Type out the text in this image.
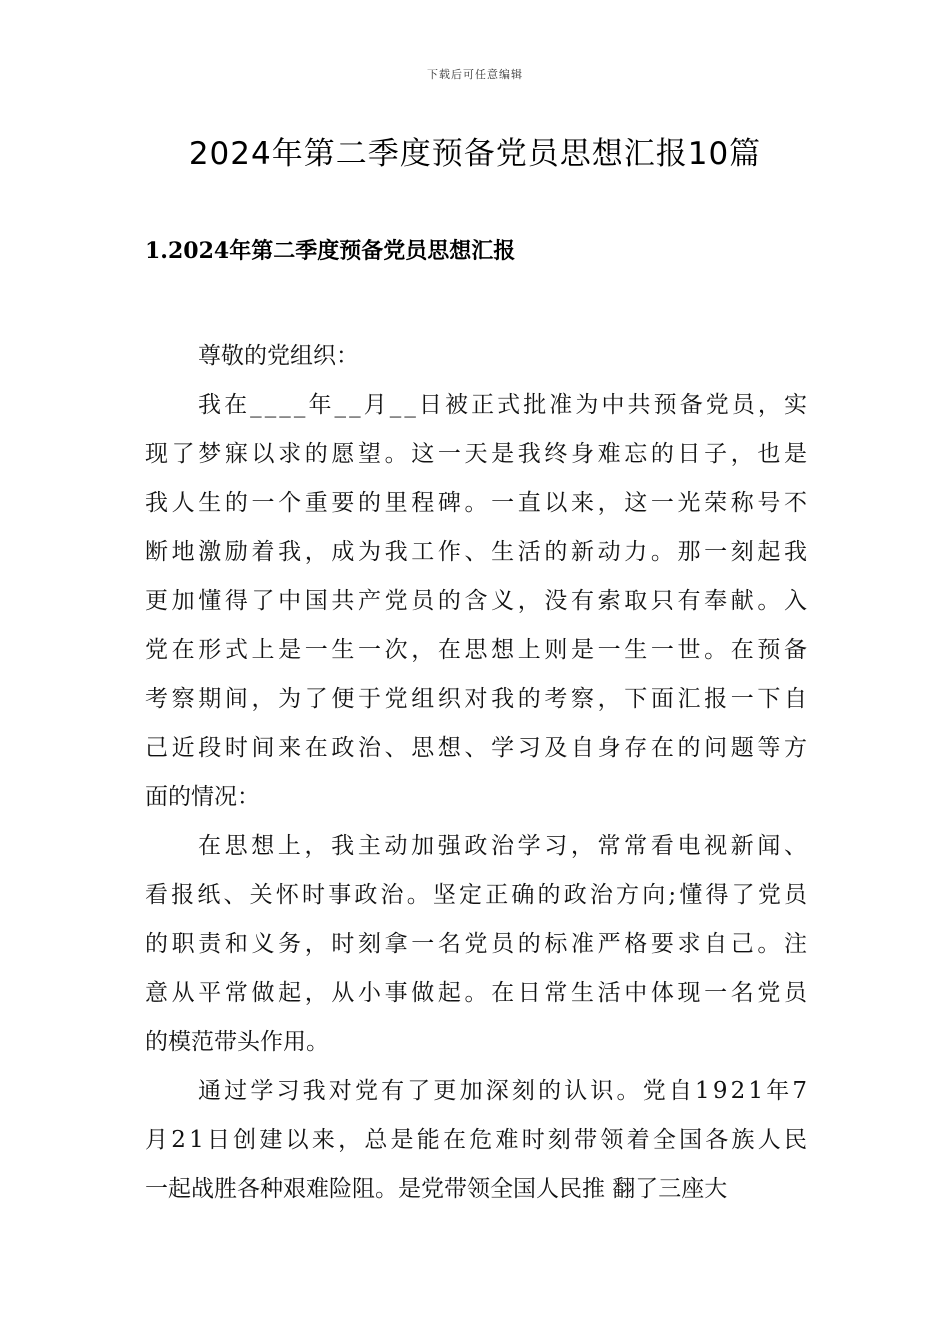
下载后可任意编辑
2024年第二季度预备党员思想汇报10篇
1.2024年第二季度预备党员思想汇报
尊敬的党组织：
我在____年__月__日被正式批准为中共预备党员，实
现了梦寐以求的愿望。这一天是我终身难忘的日子，也是
我人生的一个重要的里程碑。一直以来，这一光荣称号不
断地激励着我，成为我工作、生活的新动力。那一刻起我
更加懂得了中国共产党员的含义，没有索取只有奉献。入
党在形式上是一生一次，在思想上则是一生一世。在预备
考察期间，为了便于党组织对我的考察，下面汇报一下自
己近段时间来在政治、思想、学习及自身存在的问题等方
面的情况：
在思想上，我主动加强政治学习，常常看电视新闻、
看报纸、关怀时事政治。坚定正确的政治方向;懂得了党员
的职责和义务，时刻拿一名党员的标准严格要求自己。注
意从平常做起，从小事做起。在日常生活中体现一名党员
的模范带头作用。
通过学习我对党有了更加深刻的认识。党自1921年7
月21日创建以来，总是能在危难时刻带领着全国各族人民
一起战胜各种艰难险阻。是党带领全国人民推 翻了三座大
